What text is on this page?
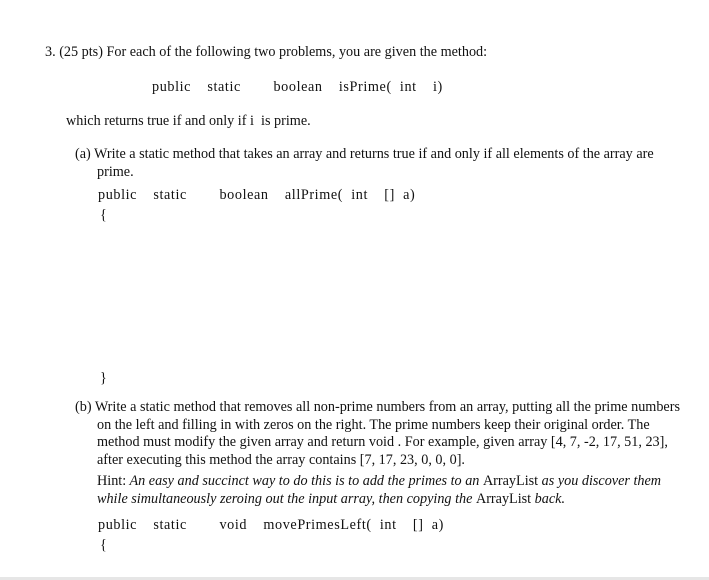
3. (25 pts) For each of the following two problems, you are given the method:
public  static    boolean  isPrime( int  i)
which returns true if and only if i  is prime.
(a) Write a static method that takes an array and returns true if and only if all elements of the array are prime.
public  static    boolean  allPrime( int  [] a)
{
}
(b) Write a static method that removes all non-prime numbers from an array, putting all the prime numbers on the left and filling in with zeros on the right. The prime numbers keep their original order. The method must modify the given array and return void . For example, given array [4, 7, -2, 17, 51, 23], after executing this method the array contains [7, 17, 23, 0, 0, 0].
Hint: An easy and succinct way to do this is to add the primes to an ArrayList as you discover them while simultaneously zeroing out the input array, then copying the ArrayList back.
public  static    void  movePrimesLeft( int  [] a)
{
